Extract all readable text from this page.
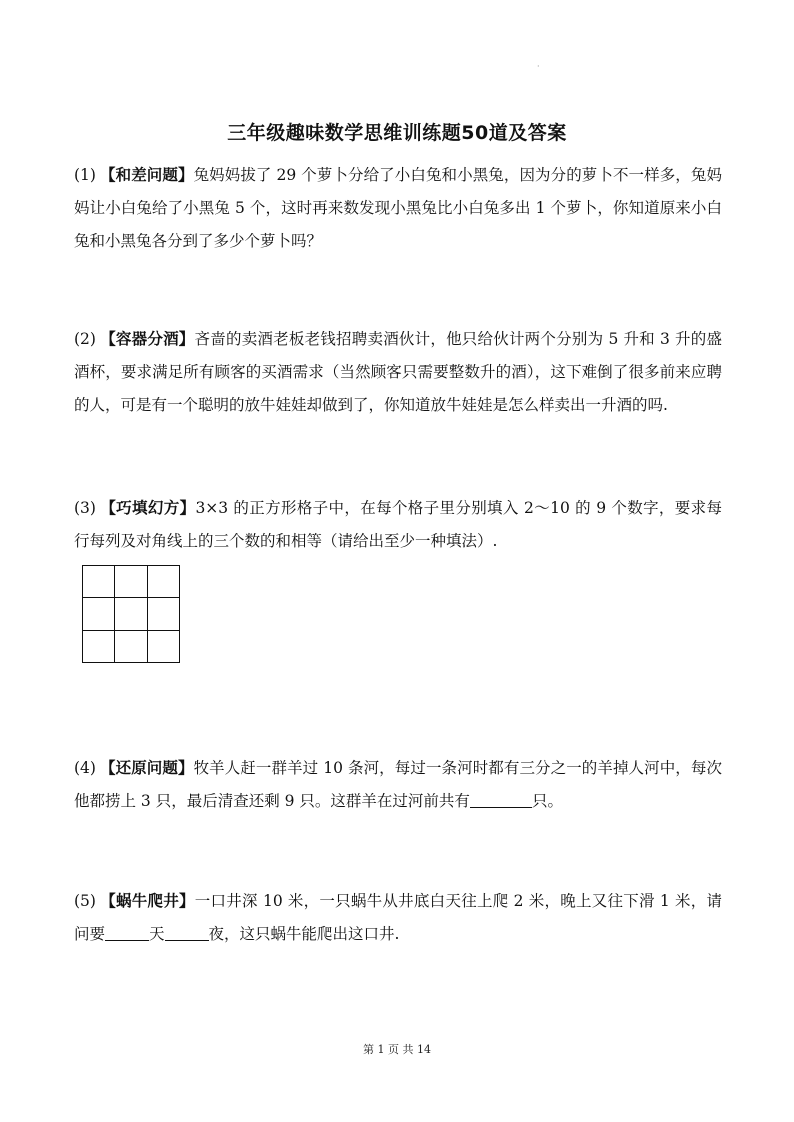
·
三年级趣味数学思维训练题50道及答案
(1) 【和差问题】兔妈妈拔了 29 个萝卜分给了小白兔和小黑兔，因为分的萝卜不一样多，兔妈妈让小白兔给了小黑兔 5 个，这时再来数发现小黑兔比小白兔多出 1 个萝卜，你知道原来小白兔和小黑兔各分到了多少个萝卜吗？
(2) 【容器分酒】吝啬的卖酒老板老钱招聘卖酒伙计，他只给伙计两个分别为 5 升和 3 升的盛酒杯，要求满足所有顾客的买酒需求（当然顾客只需要整数升的酒），这下难倒了很多前来应聘的人，可是有一个聪明的放牛娃娃却做到了，你知道放牛娃娃是怎么样卖出一升酒的吗.
(3) 【巧填幻方】3×3 的正方形格子中，在每个格子里分别填入 2～10 的 9 个数字，要求每行每列及对角线上的三个数的和相等（请给出至少一种填法）.
(4) 【还原问题】牧羊人赶一群羊过 10 条河，每过一条河时都有三分之一的羊掉人河中，每次他都捞上 3 只，最后清查还剩 9 只。这群羊在过河前共有	只。
(5) 【蜗牛爬井】一口井深 10 米，一只蜗牛从井底白天往上爬 2 米，晚上又往下滑 1 米，请问要	天	夜，这只蜗牛能爬出这口井.
第 1 页 共 14
